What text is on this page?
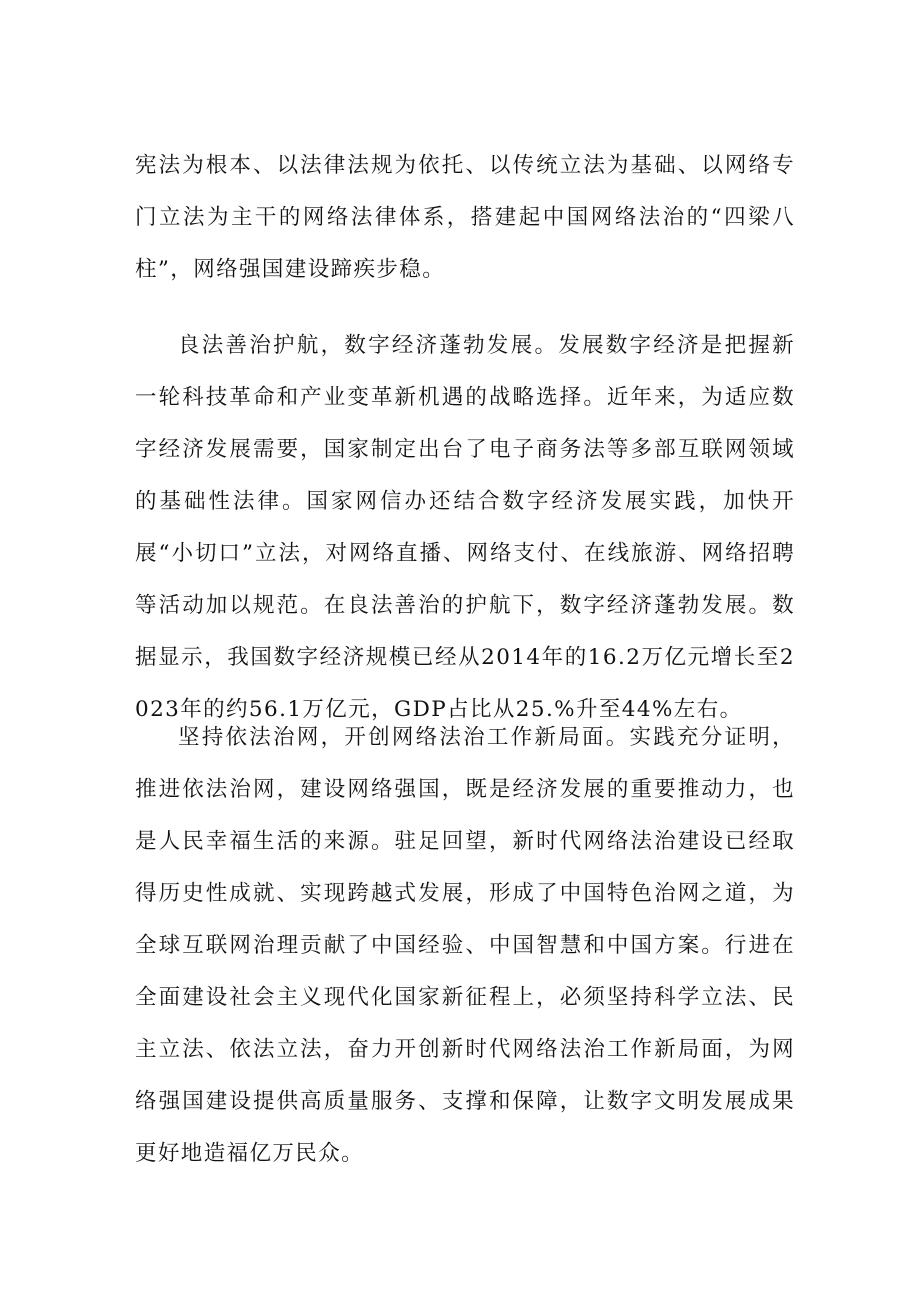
宪法为根本、以法律法规为依托、以传统立法为基础、以网络专门立法为主干的网络法律体系，搭建起中国网络法治的“四梁八柱”，网络强国建设蹄疾步稳。

良法善治护航，数字经济蓬勃发展。发展数字经济是把握新一轮科技革命和产业变革新机遇的战略选择。近年来，为适应数字经济发展需要，国家制定出台了电子商务法等多部互联网领域的基础性法律。国家网信办还结合数字经济发展实践，加快开展“小切口”立法，对网络直播、网络支付、在线旅游、网络招聘等活动加以规范。在良法善治的护航下，数字经济蓬勃发展。数据显示，我国数字经济规模已经从2014年的16.2万亿元增长至2023年的约56.1万亿元，GDP占比从25.%升至44%左右。

坚持依法治网，开创网络法治工作新局面。实践充分证明，推进依法治网，建设网络强国，既是经济发展的重要推动力，也是人民幸福生活的来源。驻足回望，新时代网络法治建设已经取得历史性成就、实现跨越式发展，形成了中国特色治网之道，为全球互联网治理贡献了中国经验、中国智慧和中国方案。行进在全面建设社会主义现代化国家新征程上，必须坚持科学立法、民主立法、依法立法，奋力开创新时代网络法治工作新局面，为网络强国建设提供高质量服务、支撑和保障，让数字文明发展成果更好地造福亿万民众。
